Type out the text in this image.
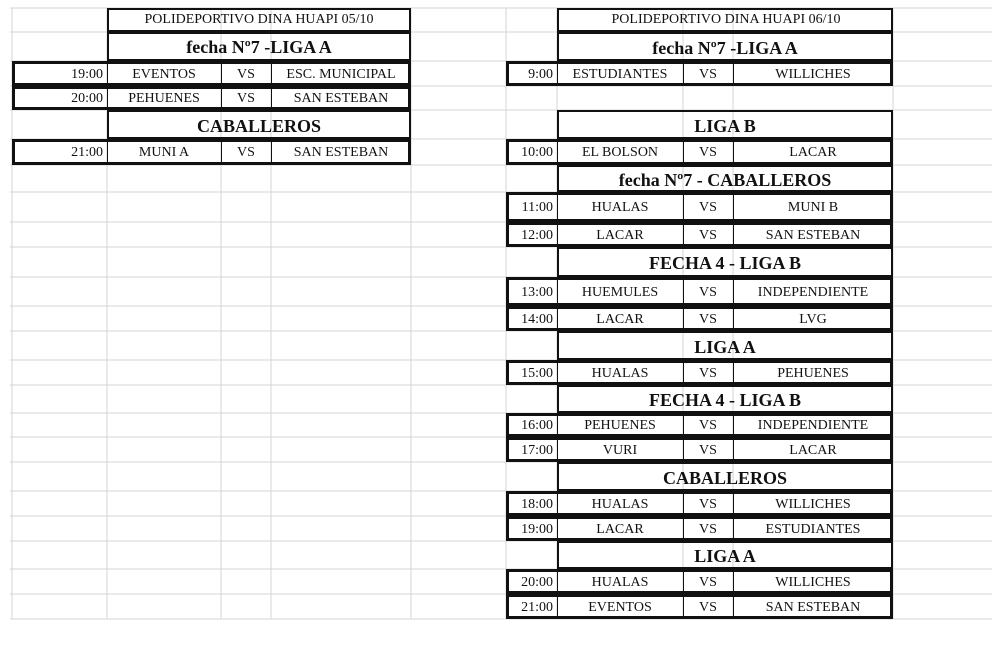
POLIDEPORTIVO DINA HUAPI 05/10
fecha Nº7 -LIGA A
CABALLEROS
19:00 EVENTOS	VS ESC. MUNICIPAL
20:00 PEHUENES	VS	SAN ESTEBAN
21:00	MUNI A	VS	SAN ESTEBAN
POLIDEPORTIVO DINA HUAPI 06/10
fecha Nº7 -LIGA A
LIGA B
fecha Nº7 - CABALLEROS
FECHA 4 - LIGA B
LIGA A
FECHA 4 - LIGA B
CABALLEROS
LIGA A
9:00 ESTUDIANTES VS	WILLICHES
10:00 EL BOLSON	VS	LACAR
11:00	HUALAS	VS	MUNI B
12:00	LACAR	VS	SAN ESTEBAN
13:00 HUEMULES	VS	INDEPENDIENTE
14:00	LACAR	VS	LVG
15:00	HUALAS	VS	PEHUENES
16:00 PEHUENES	VS	INDEPENDIENTE
17:00	VURI	VS	LACAR
18:00	HUALAS	VS	WILLICHES
19:00	LACAR	VS	ESTUDIANTES
20:00	HUALAS	VS	WILLICHES
21:00	EVENTOS	VS	SAN ESTEBAN
